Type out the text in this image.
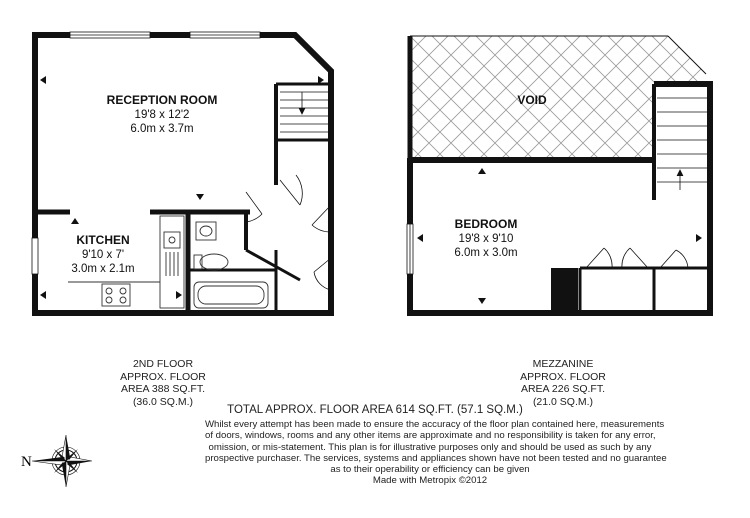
RECEPTION ROOM
19'8 x 12'2
6.0m x 3.7m
KITCHEN
9'10 x 7'
3.0m x 2.1m
VOID
BEDROOM
19'8 x 9'10
6.0m x 3.0m
N
2ND FLOOR
APPROX. FLOOR
AREA 388 SQ.FT.
(36.0 SQ.M.)
MEZZANINE
APPROX. FLOOR
AREA 226 SQ.FT.
(21.0 SQ.M.)
TOTAL APPROX. FLOOR AREA 614 SQ.FT. (57.1 SQ.M.)
Whilst every attempt has been made to ensure the accuracy of the floor plan contained here, measurements
of doors, windows, rooms and any other items are approximate and no responsibility is taken for any error,
omission, or mis-statement. This plan is for illustrative purposes only and should be used as such by any
prospective purchaser. The services, systems and appliances shown have not been tested and no guarantee
as to their operability or efficiency can be given
Made with Metropix ©2012
